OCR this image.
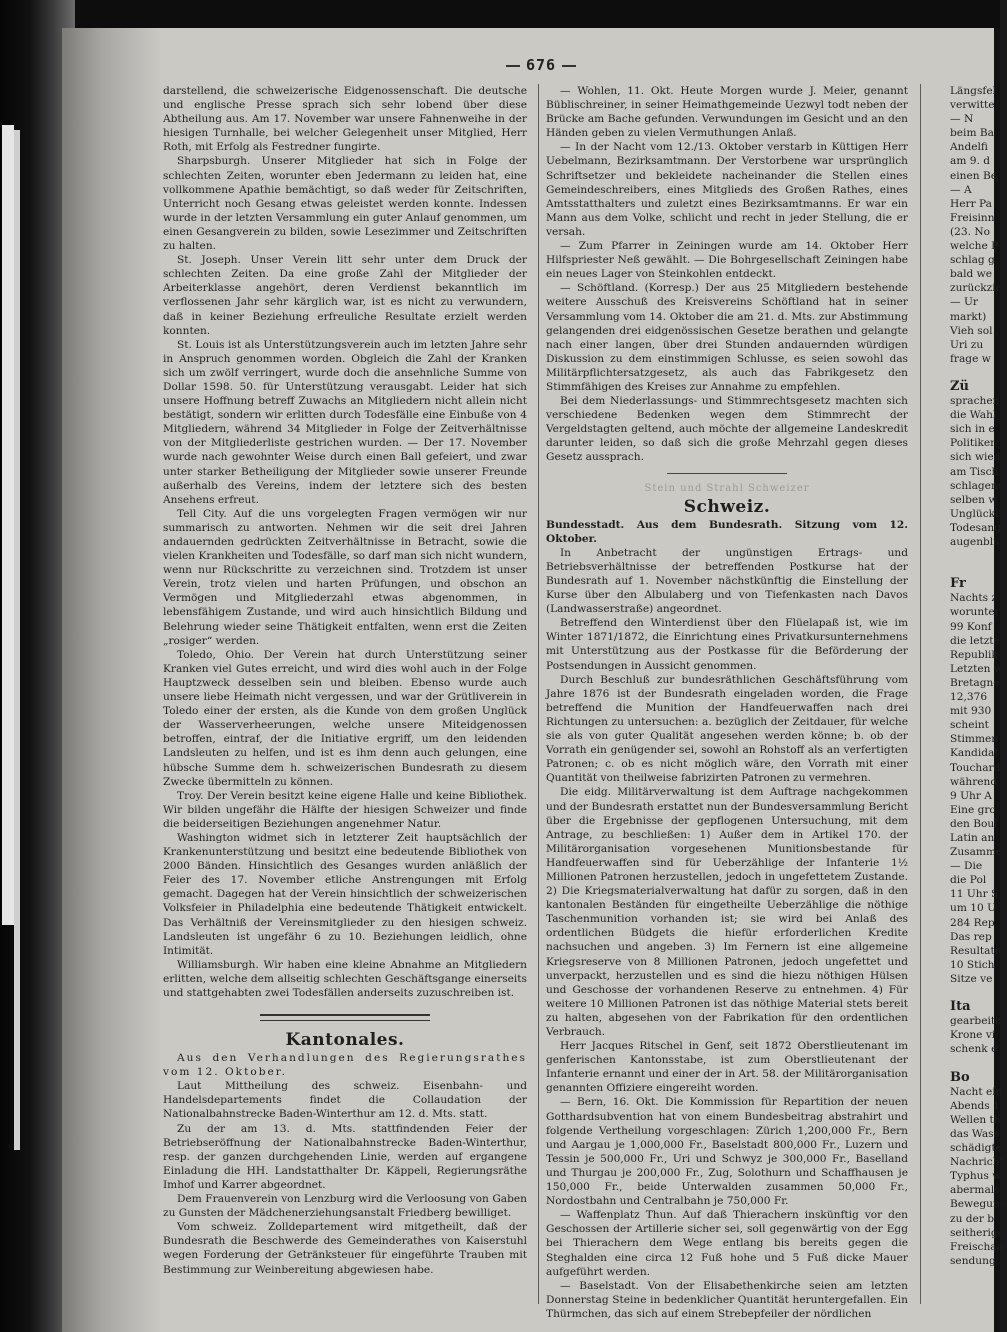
676

darstellend, die schweizerische Eidgenossenschaft. Die deutsche und englische Presse sprach sich sehr lobend über diese Abtheilung aus. Am 17. November war unsere Fahnenweihe in der hiesigen Turnhalle, bei welcher Gelegenheit unser Mitglied, Herr Roth, mit Erfolg als Festredner fungirte.

Sharpsburgh. Unserer Mitglieder hat sich in Folge der schlechten Zeiten, worunter eben Jedermann zu leiden hat, eine vollkommene Apathie bemächtigt, so daß weder für Zeitschriften, Unterricht noch Gesang etwas geleistet werden konnte. Indessen wurde in der letzten Versammlung ein guter Anlauf genommen, um einen Gesangverein zu bilden, sowie Lesezimmer und Zeitschriften zu halten.

St. Joseph. Unser Verein litt sehr unter dem Druck der schlechten Zeiten. Da eine große Zahl der Mitglieder der Arbeiterklasse angehört, deren Verdienst bekanntlich im verflossenen Jahr sehr kärglich war, ist es nicht zu verwundern, daß in keiner Beziehung erfreuliche Resultate erzielt werden konnten.

St. Louis ist als Unterstützungsverein auch im letzten Jahre sehr in Anspruch genommen worden. Obgleich die Zahl der Kranken sich um zwölf verringert, wurde doch die ansehnliche Summe von Dollar 1598. 50. für Unterstützung verausgabt. Leider hat sich unsere Hoffnung betreff Zuwachs an Mitgliedern nicht allein nicht bestätigt, sondern wir erlitten durch Todesfälle eine Einbuße von 4 Mitgliedern, während 34 Mitglieder in Folge der Zeitverhältnisse von der Mitgliederliste gestrichen wurden. — Der 17. November wurde nach gewohnter Weise durch einen Ball gefeiert, und zwar unter starker Betheiligung der Mitglieder sowie unserer Freunde außerhalb des Vereins, indem der letztere sich des besten Ansehens erfreut.

Tell City. Auf die uns vorgelegten Fragen vermögen wir nur summarisch zu antworten. Nehmen wir die seit drei Jahren andauernden gedrückten Zeitverhältnisse in Betracht, sowie die vielen Krankheiten und Todesfälle, so darf man sich nicht wundern, wenn nur Rückschritte zu verzeichnen sind. Trotzdem ist unser Verein, trotz vielen und harten Prüfungen, und obschon an Vermögen und Mitgliederzahl etwas abgenommen, in lebensfähigem Zustande, und wird auch hinsichtlich Bildung und Belehrung wieder seine Thätigkeit entfalten, wenn erst die Zeiten „rosiger“ werden.

Toledo, Ohio. Der Verein hat durch Unterstützung seiner Kranken viel Gutes erreicht, und wird dies wohl auch in der Folge Hauptzweck desselben sein und bleiben. Ebenso wurde auch unsere liebe Heimath nicht vergessen, und war der Grütliverein in Toledo einer der ersten, als die Kunde von dem großen Unglück der Wasserverheerungen, welche unsere Miteidgenossen betroffen, eintraf, der die Initiative ergriff, um den leidenden Landsleuten zu helfen, und ist es ihm denn auch gelungen, eine hübsche Summe dem h. schweizerischen Bundesrath zu diesem Zwecke übermitteln zu können.

Troy. Der Verein besitzt keine eigene Halle und keine Bibliothek. Wir bilden ungefähr die Hälfte der hiesigen Schweizer und finde die beiderseitigen Beziehungen angenehmer Natur.

Washington widmet sich in letzterer Zeit hauptsächlich der Krankenunterstützung und besitzt eine bedeutende Bibliothek von 2000 Bänden. Hinsichtlich des Gesanges wurden anläßlich der Feier des 17. November etliche Anstrengungen mit Erfolg gemacht. Dagegen hat der Verein hinsichtlich der schweizerischen Volksfeier in Philadelphia eine bedeutende Thätigkeit entwickelt. Das Verhältniß der Vereinsmitglieder zu den hiesigen schweiz. Landsleuten ist ungefähr 6 zu 10. Beziehungen leidlich, ohne Intimität.

Williamsburgh. Wir haben eine kleine Abnahme an Mitgliedern erlitten, welche dem allseitig schlechten Geschäftsgange einerseits und stattgehabten zwei Todesfällen anderseits zuzuschreiben ist.

Kantonales.

Aus den Verhandlungen des Regierungsrathes vom 12. Oktober.

Laut Mittheilung des schweiz. Eisenbahn- und Handelsdepartements findet die Collaudation der Nationalbahnstrecke Baden-Winterthur am 12. d. Mts. statt.

Zu der am 13. d. Mts. stattfindenden Feier der Betriebseröffnung der Nationalbahnstrecke Baden-Winterthur, resp. der ganzen durchgehenden Linie, werden auf ergangene Einladung die HH. Landstatthalter Dr. Käppeli, Regierungsräthe Imhof und Karrer abgeordnet.

Dem Frauenverein von Lenzburg wird die Verloosung von Gaben zu Gunsten der Mädchenerziehungsanstalt Friedberg bewilliget.

Vom schweiz. Zolldepartement wird mitgetheilt, daß der Bundesrath die Beschwerde des Gemeinderathes von Kaiserstuhl wegen Forderung der Getränksteuer für eingeführte Trauben mit Bestimmung zur Weinbereitung abgewiesen habe.

— Wohlen, 11. Okt. Heute Morgen wurde J. Meier, genannt Büblischreiner, in seiner Heimathgemeinde Uezwyl todt neben der Brücke am Bache gefunden. Verwundungen im Gesicht und an den Händen geben zu vielen Vermuthungen Anlaß.

— In der Nacht vom 12./13. Oktober verstarb in Küttigen Herr Uebelmann, Bezirksamtmann. Der Verstorbene war ursprünglich Schriftsetzer und bekleidete nacheinander die Stellen eines Gemeindeschreibers, eines Mitglieds des Großen Rathes, eines Amtsstatthalters und zuletzt eines Bezirksamtmanns. Er war ein Mann aus dem Volke, schlicht und recht in jeder Stellung, die er versah.

— Zum Pfarrer in Zeiningen wurde am 14. Oktober Herr Hilfspriester Neß gewählt. — Die Bohrgesellschaft Zeiningen habe ein neues Lager von Steinkohlen entdeckt.

— Schöftland. (Korresp.) Der aus 25 Mitgliedern bestehende weitere Ausschuß des Kreisvereins Schöftland hat in seiner Versammlung vom 14. Oktober die am 21. d. Mts. zur Abstimmung gelangenden drei eidgenössischen Gesetze berathen und gelangte nach einer langen, über drei Stunden andauernden würdigen Diskussion zu dem einstimmigen Schlusse, es seien sowohl das Militärpflichtersatzgesetz, als auch das Fabrikgesetz den Stimmfähigen des Kreises zur Annahme zu empfehlen.

Bei dem Niederlassungs- und Stimmrechtsgesetz machten sich verschiedene Bedenken wegen dem Stimmrecht der Vergeldstagten geltend, auch möchte der allgemeine Landeskredit darunter leiden, so daß sich die große Mehrzahl gegen dieses Gesetz aussprach.

Stein und Strahl Schweizer

Schweiz.

Bundesstadt. Aus dem Bundesrath. Sitzung vom 12. Oktober.

In Anbetracht der ungünstigen Ertrags- und Betriebsverhältnisse der betreffenden Postkurse hat der Bundesrath auf 1. November nächstkünftig die Einstellung der Kurse über den Albulaberg und von Tiefenkasten nach Davos (Landwasserstraße) angeordnet.

Betreffend den Winterdienst über den Flüelapaß ist, wie im Winter 1871/1872, die Einrichtung eines Privatkursunternehmens mit Unterstützung aus der Postkasse für die Beförderung der Postsendungen in Aussicht genommen.

Durch Beschluß zur bundesräthlichen Geschäftsführung vom Jahre 1876 ist der Bundesrath eingeladen worden, die Frage betreffend die Munition der Handfeuerwaffen nach drei Richtungen zu untersuchen: a. bezüglich der Zeitdauer, für welche sie als von guter Qualität angesehen werden könne; b. ob der Vorrath ein genügender sei, sowohl an Rohstoff als an verfertigten Patronen; c. ob es nicht möglich wäre, den Vorrath mit einer Quantität von theilweise fabrizirten Patronen zu vermehren.

Die eidg. Militärverwaltung ist dem Auftrage nachgekommen und der Bundesrath erstattet nun der Bundesversammlung Bericht über die Ergebnisse der gepflogenen Untersuchung, mit dem Antrage, zu beschließen: 1) Außer dem in Artikel 170. der Militärorganisation vorgesehenen Munitionsbestande für Handfeuerwaffen sind für Ueberzählige der Infanterie 1½ Millionen Patronen herzustellen, jedoch in ungefettetem Zustande. 2) Die Kriegsmaterialverwaltung hat dafür zu sorgen, daß in den kantonalen Beständen für eingetheilte Ueberzählige die nöthige Taschenmunition vorhanden ist; sie wird bei Anlaß des ordentlichen Büdgets die hiefür erforderlichen Kredite nachsuchen und angeben. 3) Im Fernern ist eine allgemeine Kriegsreserve von 8 Millionen Patronen, jedoch ungefettet und unverpackt, herzustellen und es sind die hiezu nöthigen Hülsen und Geschosse der vorhandenen Reserve zu entnehmen. 4) Für weitere 10 Millionen Patronen ist das nöthige Material stets bereit zu halten, abgesehen von der Fabrikation für den ordentlichen Verbrauch.

Herr Jacques Ritschel in Genf, seit 1872 Oberstlieutenant im genferischen Kantonsstabe, ist zum Oberstlieutenant der Infanterie ernannt und einer der in Art. 58. der Militärorganisation genannten Offiziere eingereiht worden.

— Bern, 16. Okt. Die Kommission für Repartition der neuen Gotthardsubvention hat von einem Bundesbeitrag abstrahirt und folgende Vertheilung vorgeschlagen: Zürich 1,200,000 Fr., Bern und Aargau je 1,000,000 Fr., Baselstadt 800,000 Fr., Luzern und Tessin je 500,000 Fr., Uri und Schwyz je 300,000 Fr., Baselland und Thurgau je 200,000 Fr., Zug, Solothurn und Schaffhausen je 150,000 Fr., beide Unterwalden zusammen 50,000 Fr., Nordostbahn und Centralbahn je 750,000 Fr.

— Waffenplatz Thun. Auf daß Thierachern inskünftig vor den Geschossen der Artillerie sicher sei, soll gegenwärtig von der Egg bei Thierachern dem Wege entlang bis bereits gegen die Steghalden eine circa 12 Fuß hohe und 5 Fuß dicke Mauer aufgeführt werden.

— Baselstadt. Von der Elisabethenkirche seien am letzten Donnerstag Steine in bedenklicher Quantität heruntergefallen. Ein Thürmchen, das sich auf einem Strebepfeiler der nördlichen

Längsfel
verwitte
— N
beim Ba
Andelfi
am 9. d
einen Be
— A
Herr Pa
Freisinn
(23. No
welche P
schlag g
bald we
zurückzie
— Ur
markt)
Vieh sol
Uri zu
frage w

Zü
sprachen
die Wahl
sich in e
Politiker
sich wied
am Tisch
schlagene
selben w
Unglückli
Todesang
augenblic

Fr
Nachts z
worunter
99 Konf
die letzte
Republik
Letzten w
Bretagne
12,376
mit 930
scheint
Stimmen
Kandidat
Touchard
während
9 Uhr A
Eine gro
den Boul
Latin an
Zusamme
— Die
die Pol
11 Uhr S
um 10 U
284 Rep
Das rep
Resultate
10 Stich
Sitze ve

Ita
gearbeite
Krone vi
schenk e

Bo
Nacht ein
Abends 1
Wellen th
das Wass
schädigte
Nachricht
Typhus w
abermals
Bewegung
zu der b
seitherige
Freischaa
sendung
